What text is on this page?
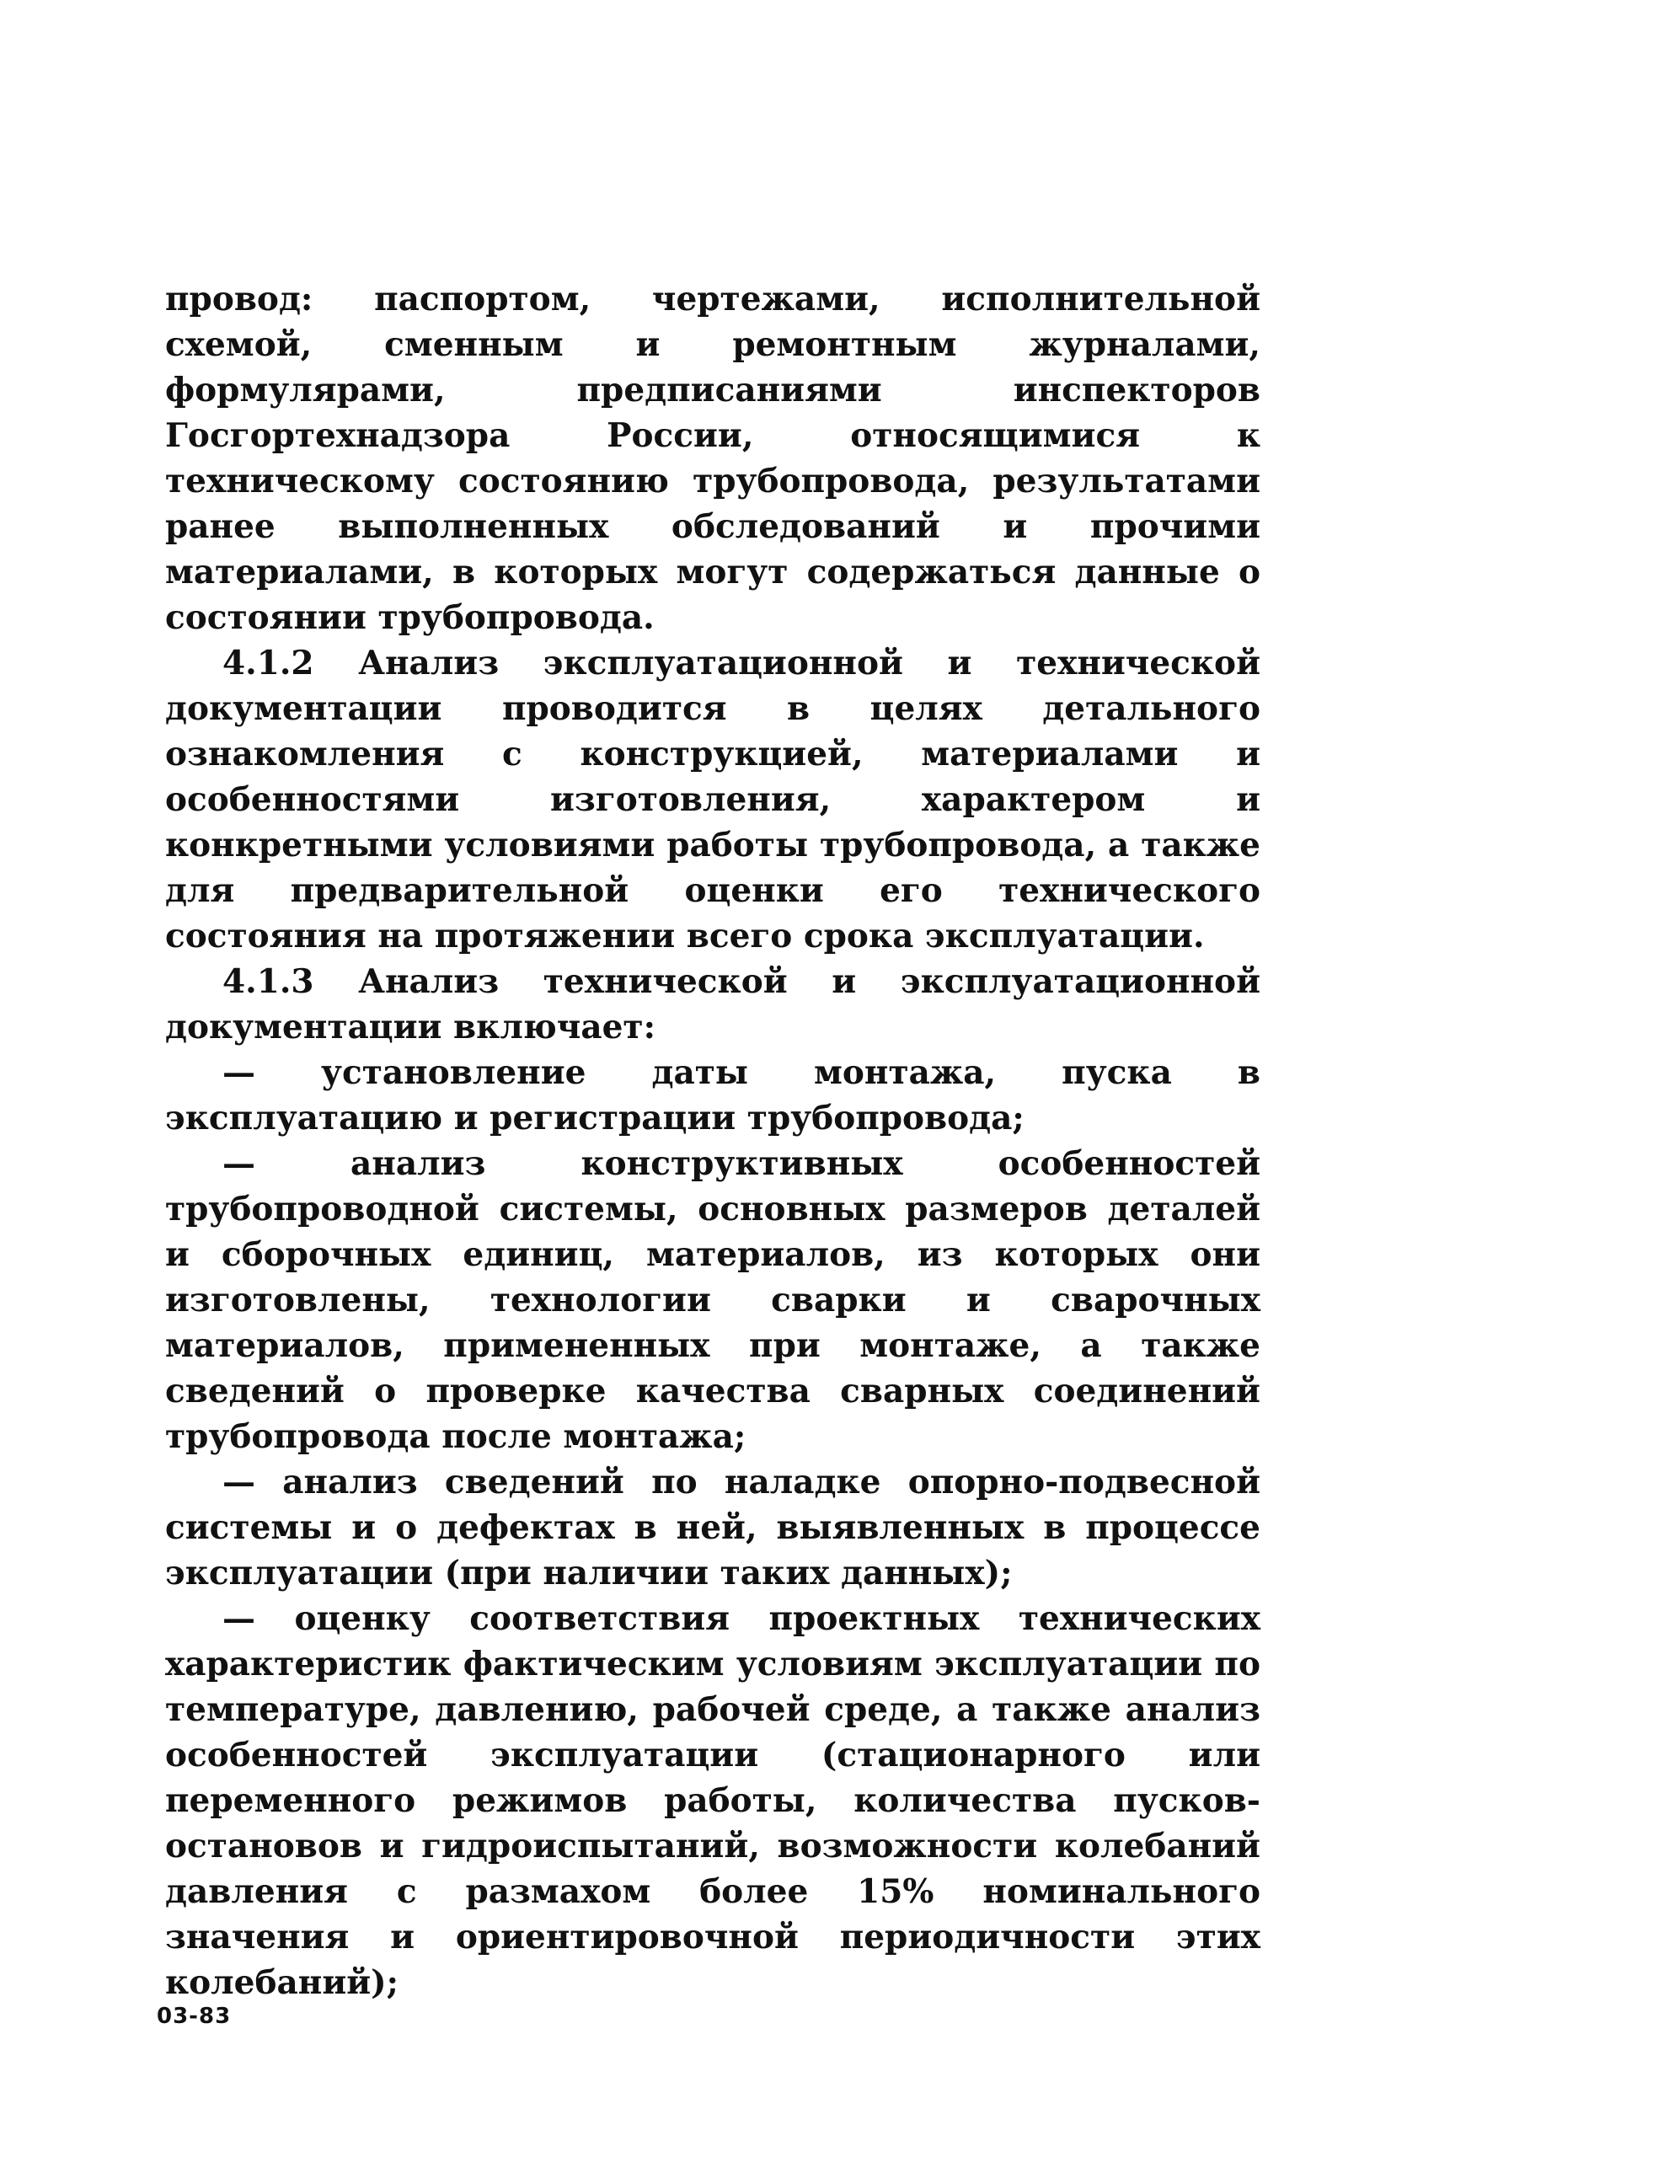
провод: паспортом, чертежами, исполнительной схемой, сменным и ремонтным журналами, формулярами, предписаниями инспекторов Госгортехнадзора России, относящимися к техническому состоянию трубопровода, результатами ранее выполненных обследований и прочими материалами, в которых могут содержаться данные о состоянии трубопровода.

4.1.2 Анализ эксплуатационной и технической документации проводится в целях детального ознакомления с конструкцией, материалами и особенностями изготовления, характером и конкретными условиями работы трубопровода, а также для предварительной оценки его технического состояния на протяжении всего срока эксплуатации.

4.1.3 Анализ технической и эксплуатационной документации включает:

— установление даты монтажа, пуска в эксплуатацию и регистрации трубопровода;

— анализ конструктивных особенностей трубопроводной системы, основных размеров деталей и сборочных единиц, материалов, из которых они изготовлены, технологии сварки и сварочных материалов, примененных при монтаже, а также сведений о проверке качества сварных соединений трубопровода после монтажа;

— анализ сведений по наладке опорно-подвесной системы и о дефектах в ней, выявленных в процессе эксплуатации (при наличии таких данных);

— оценку соответствия проектных технических характеристик фактическим условиям эксплуатации по температуре, давлению, рабочей среде, а также анализ особенностей эксплуатации (стационарного или переменного режимов работы, количества пусков-остановов и гидроиспытаний, возможности колебаний давления с размахом более 15% номинального значения и ориентировочной периодичности этих колебаний);

03-83
